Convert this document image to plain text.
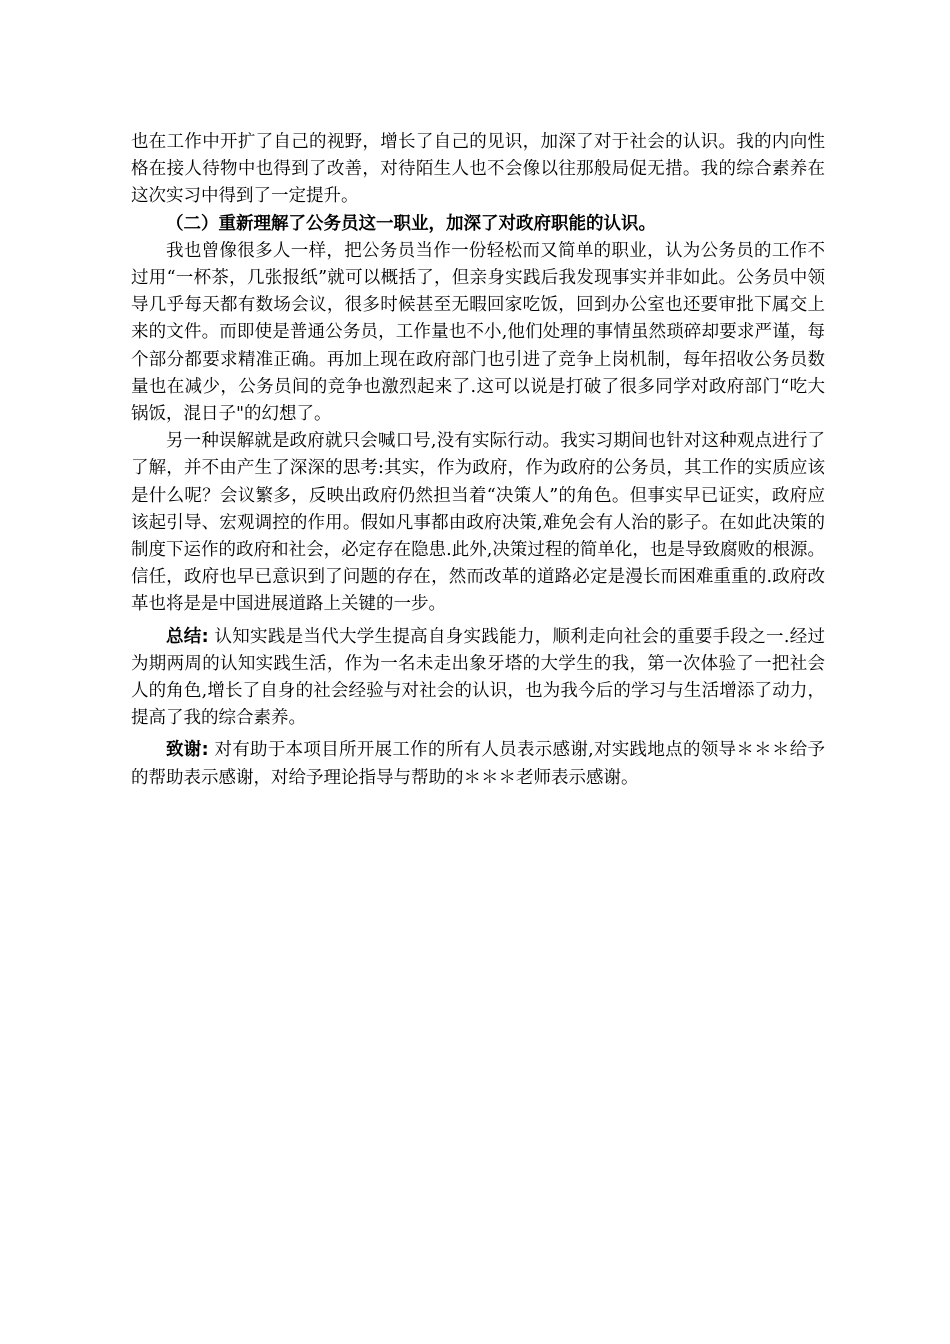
也在工作中开扩了自己的视野，增长了自己的见识，加深了对于社会的认识。我的内向性格在接人待物中也得到了改善，对待陌生人也不会像以往那般局促无措。我的综合素养在这次实习中得到了一定提升。

（二）重新理解了公务员这一职业，加深了对政府职能的认识。

我也曾像很多人一样，把公务员当作一份轻松而又简单的职业，认为公务员的工作不过用“一杯茶，几张报纸”就可以概括了，但亲身实践后我发现事实并非如此。公务员中领导几乎每天都有数场会议，很多时候甚至无暇回家吃饭，回到办公室也还要审批下属交上来的文件。而即使是普通公务员，工作量也不小,他们处理的事情虽然琐碎却要求严谨，每个部分都要求精准正确。再加上现在政府部门也引进了竞争上岗机制，每年招收公务员数量也在减少，公务员间的竞争也激烈起来了.这可以说是打破了很多同学对政府部门“吃大锅饭，混日子"的幻想了。

另一种误解就是政府就只会喊口号,没有实际行动。我实习期间也针对这种观点进行了了解，并不由产生了深深的思考:其实，作为政府，作为政府的公务员，其工作的实质应该是什么呢？会议繁多，反映出政府仍然担当着“决策人”的角色。但事实早已证实，政府应该起引导、宏观调控的作用。假如凡事都由政府决策,难免会有人治的影子。在如此决策的制度下运作的政府和社会，必定存在隐患.此外,决策过程的简单化，也是导致腐败的根源。信任，政府也早已意识到了问题的存在，然而改革的道路必定是漫长而困难重重的.政府改革也将是是中国进展道路上关键的一步。

总结: 认知实践是当代大学生提高自身实践能力，顺利走向社会的重要手段之一.经过为期两周的认知实践生活，作为一名未走出象牙塔的大学生的我，第一次体验了一把社会人的角色,增长了自身的社会经验与对社会的认识，也为我今后的学习与生活增添了动力，提高了我的综合素养。

致谢: 对有助于本项目所开展工作的所有人员表示感谢,对实践地点的领导＊＊＊给予的帮助表示感谢，对给予理论指导与帮助的＊＊＊老师表示感谢。
